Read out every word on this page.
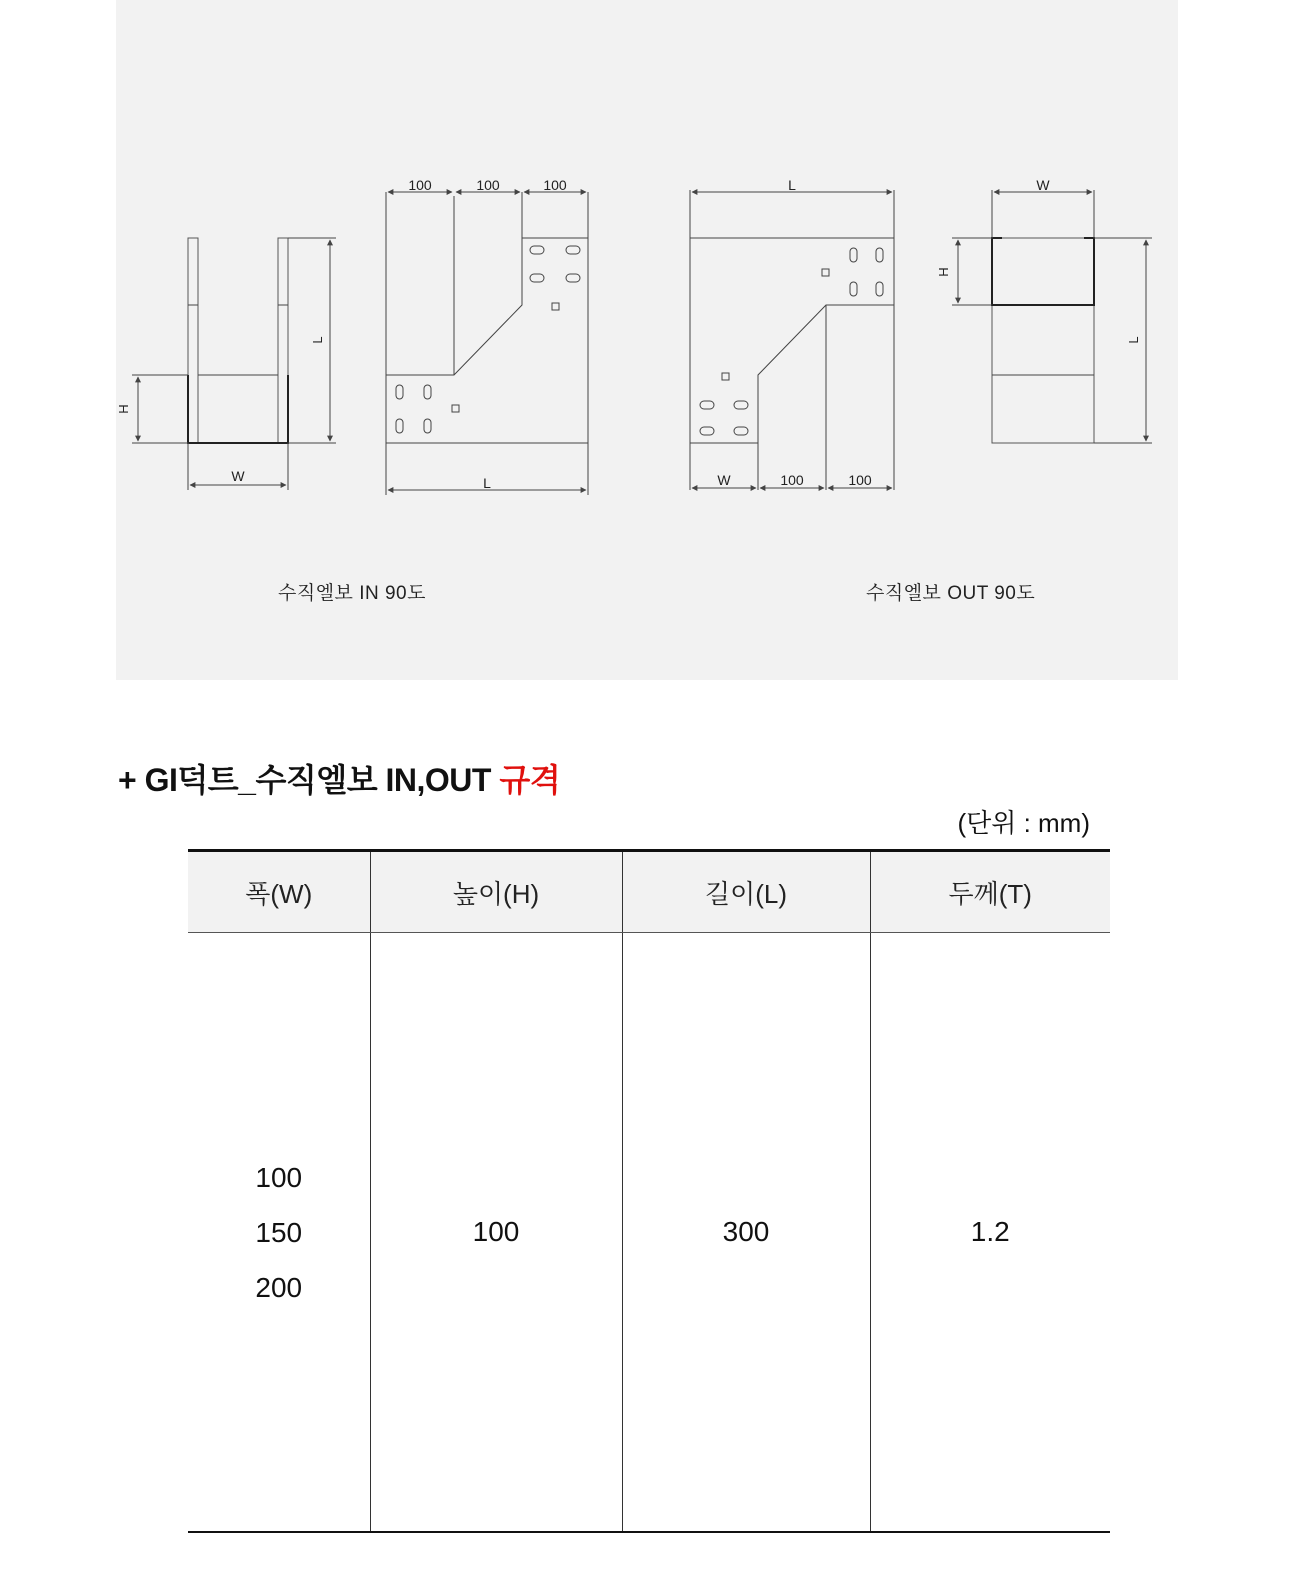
L
H
W
100	100	100
L
L
W	100	100
W
H
L
수직엘보 IN 90도	수직엘보 OUT 90도
+ GI덕트_수직엘보 IN,OUT 규격
(단위 : mm)
폭(W)	높이(H)	길이(L)	두께(T)

100
150
200	100	300	1.2
